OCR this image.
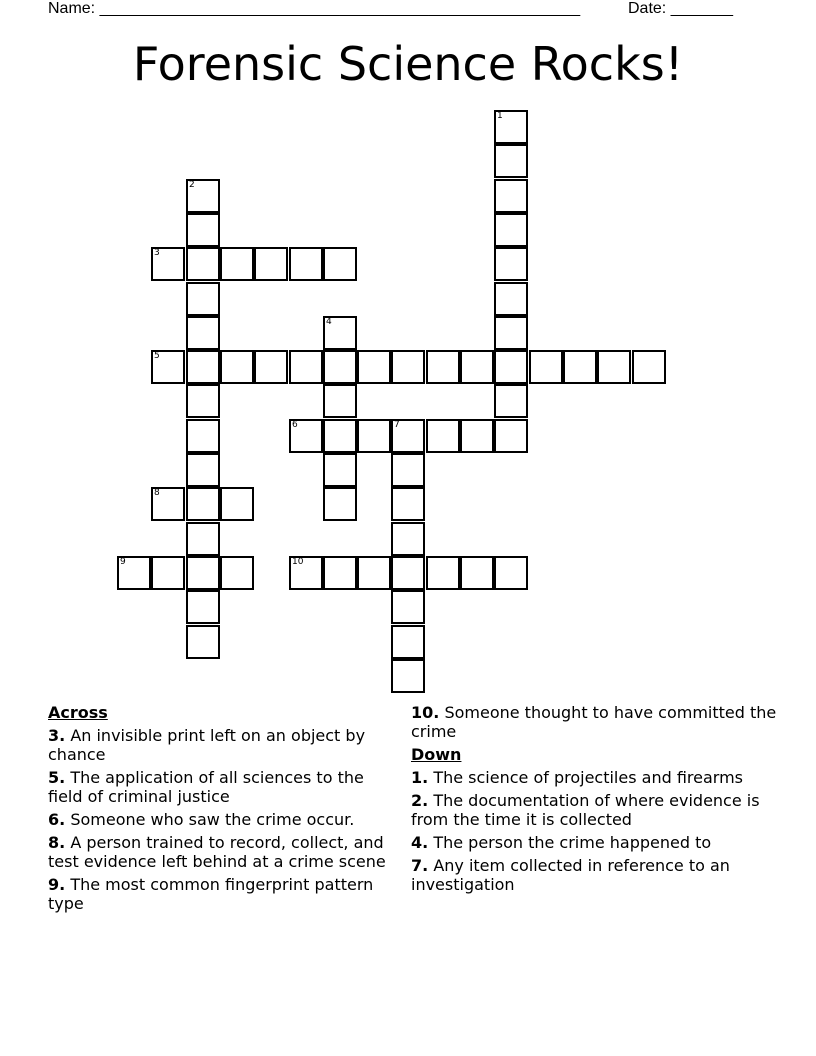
Name: ______________________________________________________	Date: _______
Forensic Science Rocks!
1
2
3
4
5
6	7
8
9	10
Across
3. An invisible print left on an object by chance
5. The application of all sciences to the field of criminal justice
6. Someone who saw the crime occur.
8. A person trained to record, collect, and test evidence left behind at a crime scene
9. The most common fingerprint pattern type
10. Someone thought to have committed the crime
Down
1. The science of projectiles and firearms
2. The documentation of where evidence is from the time it is collected
4. The person the crime happened to
7. Any item collected in reference to an investigation
